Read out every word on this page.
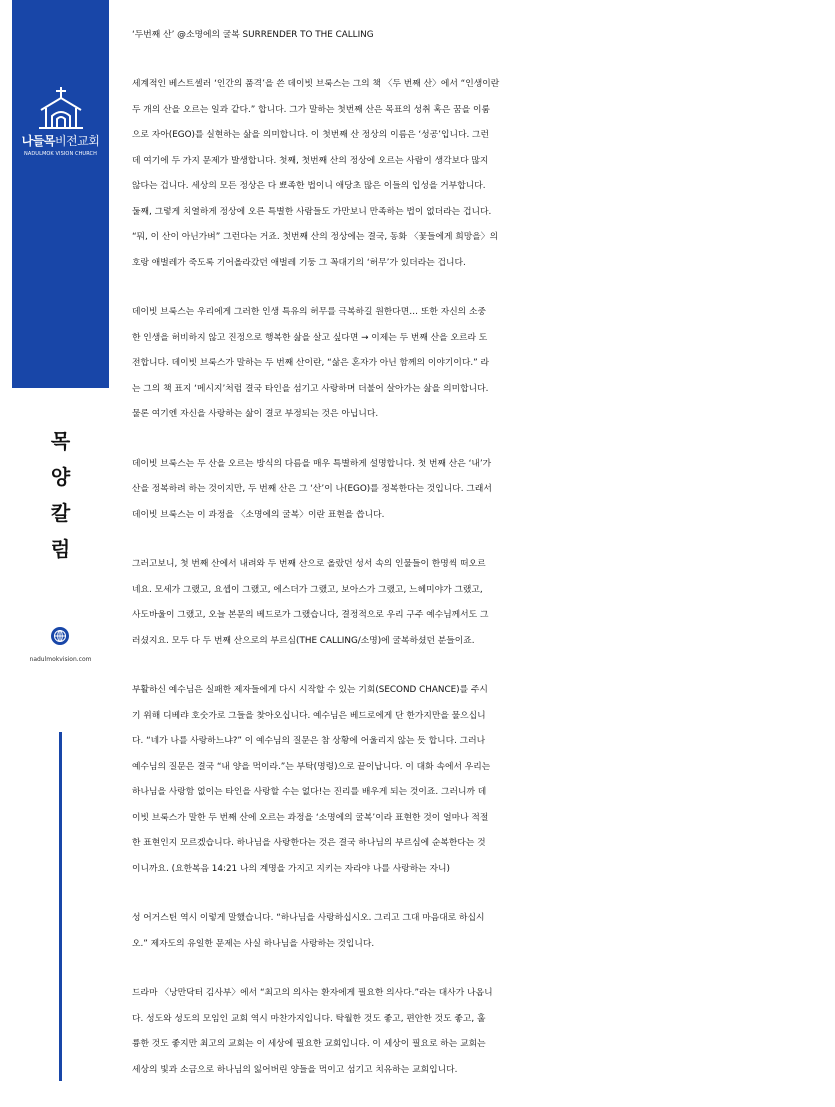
나들목비전교회
NADULMOK VISION CHURCH
목
양
칼
럼
nadulmokvision.com
‘두번째 산’ @소명에의 굴복 SURRENDER TO THE CALLING
세계적인 베스트셀러 ‘인간의 품격’을 쓴 데이빗 브룩스는 그의 책 〈두 번째 산〉에서 “인생이란
두 개의 산을 오르는 일과 같다.” 합니다. 그가 말하는 첫번째 산은 목표의 성취 혹은 꿈을 이룸
으로 자아(EGO)를 실현하는 삶을 의미합니다. 이 첫번째 산 정상의 이름은 ‘성공’입니다. 그런
데 여기에 두 가지 문제가 발생합니다. 첫째, 첫번째 산의 정상에 오르는 사람이 생각보다 많지
않다는 겁니다. 세상의 모든 정상은 다 뾰족한 법이니 애당초 많은 이들의 입성을 거부합니다.
둘째, 그렇게 치열하게 정상에 오른 특별한 사람들도 가만보니 만족하는 법이 없더라는 겁니다.
“뭐, 이 산이 아닌가벼” 그런다는 거죠. 첫번째 산의 정상에는 결국, 동화 〈꽃들에게 희망을〉의
호랑 애벌레가 죽도록 기어올라갔던 애벌레 기둥 그 꼭대기의 ‘허무’가 있더라는 겁니다.
데이빗 브룩스는 우리에게 그러한 인생 특유의 허무를 극복하길 원한다면… 또한 자신의 소중
한 인생을 허비하지 않고 진정으로 행복한 삶을 살고 싶다면 → 이제는 두 번째 산을 오르라 도
전합니다. 데이빗 브룩스가 말하는 두 번째 산이란, “삶은 혼자가 아닌 함께의 이야기이다.” 라
는 그의 책 표지 ‘메시지’처럼 결국 타인을 섬기고 사랑하며 더불어 살아가는 삶을 의미합니다.
물론 여기엔 자신을 사랑하는 삶이 결코 부정되는 것은 아닙니다.
데이빗 브룩스는 두 산을 오르는 방식의 다름을 매우 특별하게 설명합니다. 첫 번째 산은 ‘내’가
산을 정복하려 하는 것이지만, 두 번째 산은 그 ‘산’이 나(EGO)를 정복한다는 것입니다. 그래서
데이빗 브룩스는 이 과정을 〈소명에의 굴복〉이란 표현을 씁니다.
그러고보니, 첫 번째 산에서 내려와 두 번째 산으로 올랐던 성서 속의 인물들이 한명씩 떠오르
네요. 모세가 그랬고, 요셉이 그랬고, 에스더가 그랬고, 보아스가 그랬고, 느헤미야가 그랬고,
사도바울이 그랬고, 오늘 본문의 베드로가 그랬습니다, 결정적으로 우리 구주 예수님께서도 그
러셨지요. 모두 다 두 번째 산으로의 부르심(THE CALLING/소명)에 굴복하셨던 분들이죠.
부활하신 예수님은 실패한 제자들에게 다시 시작할 수 있는 기회(SECOND CHANCE)를 주시
기 위해 디베랴 호숫가로 그들을 찾아오십니다. 예수님은 베드로에게 단 한가지만을 물으십니
다. “네가 나를 사랑하느냐?” 이 예수님의 질문은 참 상황에 어울리지 않는 듯 합니다. 그러나
예수님의 질문은 결국 “내 양을 먹이라.”는 부탁(명령)으로 끝이납니다. 이 대화 속에서 우리는
하나님을 사랑함 없이는 타인을 사랑할 수는 없다!는 진리를 배우게 되는 것이죠. 그러니까 데
이빗 브룩스가 말한 두 번째 산에 오르는 과정을 ‘소명에의 굴복’이라 표현한 것이 얼마나 적절
한 표현인지 모르겠습니다. 하나님을 사랑한다는 것은 결국 하나님의 부르심에 순복한다는 것
이니까요. (요한복음 14:21 나의 계명을 가지고 지키는 자라야 나를 사랑하는 자니)
성 어거스틴 역시 이렇게 말했습니다. “하나님을 사랑하십시오. 그리고 그대 마음대로 하십시
오.” 제자도의 유일한 문제는 사실 하나님을 사랑하는 것입니다.
드라마 〈낭만닥터 김사부〉에서 “최고의 의사는 환자에게 필요한 의사다.”라는 대사가 나옵니
다. 성도와 성도의 모임인 교회 역시 마찬가지입니다. 탁월한 것도 좋고, 편안한 것도 좋고, 훌
륭한 것도 좋지만 최고의 교회는 이 세상에 필요한 교회입니다. 이 세상이 필요로 하는 교회는
세상의 빛과 소금으로 하나님의 잃어버린 양들을 먹이고 섬기고 치유하는 교회입니다.
